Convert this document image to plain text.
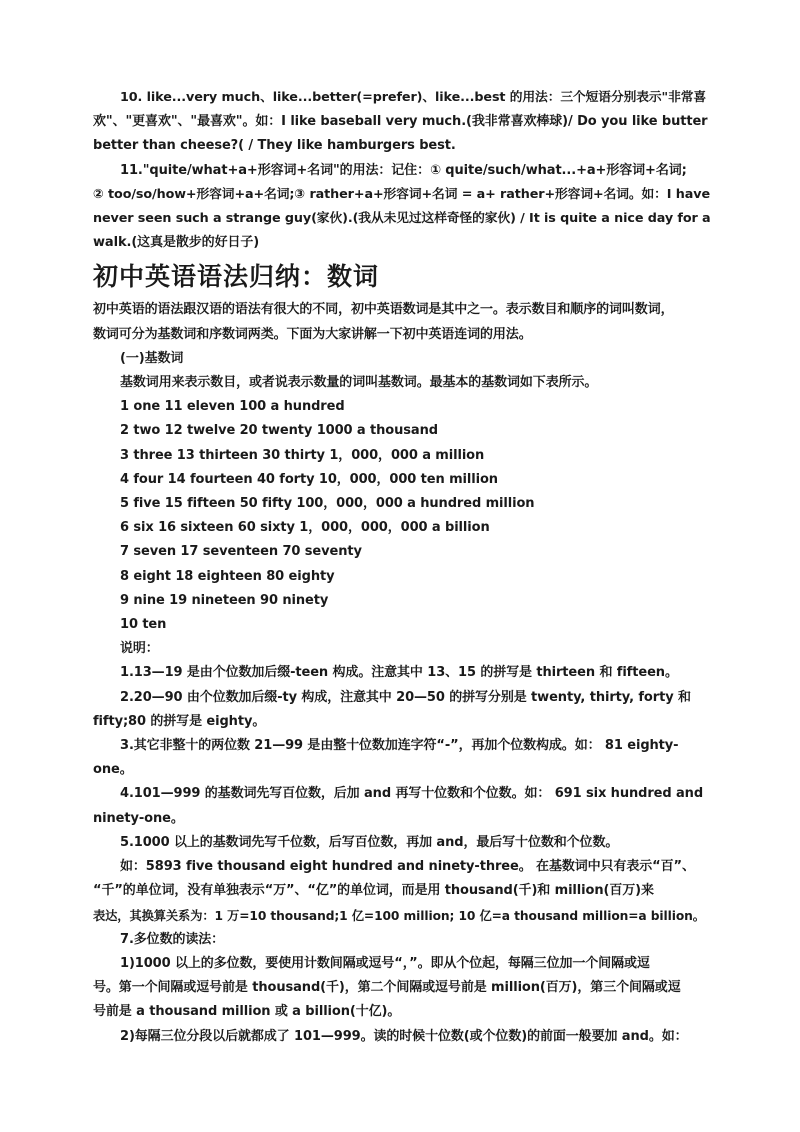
10. like...very much、like...better(=prefer)、like...best 的用法：三个短语分别表示"非常喜
欢"、"更喜欢"、"最喜欢"。如：I like baseball very much.(我非常喜欢棒球)/ Do you like butter
better than cheese?( / They like hamburgers best.
11."quite/what+a+形容词+名词"的用法：记住：① quite/such/what...+a+形容词+名词;
② too/so/how+形容词+a+名词;③ rather+a+形容词+名词 = a+ rather+形容词+名词。如：I have
never seen such a strange guy(家伙).(我从未见过这样奇怪的家伙) / It is quite a nice day for a
walk.(这真是散步的好日子)
初中英语语法归纳：数词
初中英语的语法跟汉语的语法有很大的不同，初中英语数词是其中之一。表示数目和顺序的词叫数词，
数词可分为基数词和序数词两类。下面为大家讲解一下初中英语连词的用法。
(一)基数词
基数词用来表示数目，或者说表示数量的词叫基数词。最基本的基数词如下表所示。
1 one 11 eleven 100 a hundred
2 two 12 twelve 20 twenty 1000 a thousand
3 three 13 thirteen 30 thirty 1，000，000 a million
4 four 14 fourteen 40 forty 10，000，000 ten million
5 five 15 fifteen 50 fifty 100，000，000 a hundred million
6 six 16 sixteen 60 sixty 1，000，000，000 a billion
7 seven 17 seventeen 70 seventy
8 eight 18 eighteen 80 eighty
9 nine 19 nineteen 90 ninety
10 ten
说明：
1.13—19 是由个位数加后缀-teen 构成。注意其中 13、15 的拼写是 thirteen 和 fifteen。
2.20—90 由个位数加后缀-ty 构成，注意其中 20—50 的拼写分别是 twenty, thirty, forty 和
fifty;80 的拼写是 eighty。
3.其它非整十的两位数 21—99 是由整十位数加连字符“-”，再加个位数构成。如： 81 eighty-
one。
4.101—999 的基数词先写百位数，后加 and 再写十位数和个位数。如： 691 six hundred and
ninety-one。
5.1000 以上的基数词先写千位数，后写百位数，再加 and，最后写十位数和个位数。
如：5893 five thousand eight hundred and ninety-three。 在基数词中只有表示“百”、
“千”的单位词，没有单独表示“万”、“亿”的单位词，而是用 thousand(千)和 million(百万)来
表达，其换算关系为：1 万=10 thousand;1 亿=100 million; 10 亿=a thousand million=a billion。
7.多位数的读法：
1)1000 以上的多位数，要使用计数间隔或逗号“，”。即从个位起，每隔三位加一个间隔或逗
号。第一个间隔或逗号前是 thousand(千)，第二个间隔或逗号前是 million(百万)，第三个间隔或逗
号前是 a thousand million 或 a billion(十亿)。
2)每隔三位分段以后就都成了 101—999。读的时候十位数(或个位数)的前面一般要加 and。如：
